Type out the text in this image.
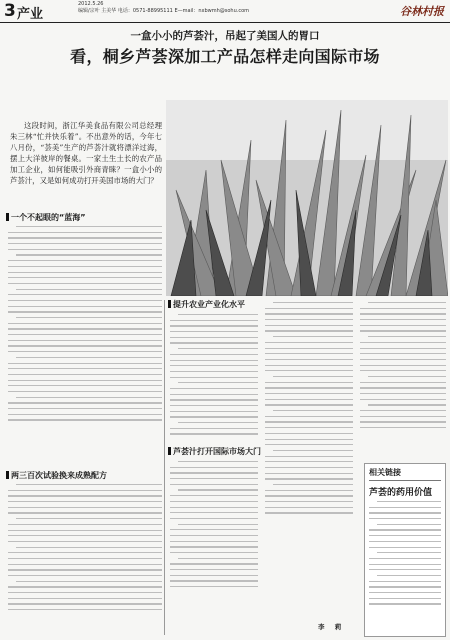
3 产业
2012.5.26
编辑/宗叶 主美华 电话：0571-88995111 E—mail：nxbwmh@sohu.com	谷林村报
一盒小小的芦荟汁，吊起了美国人的胃口
看，桐乡芦荟深加工产品怎样走向国际市场
这段时间，浙江华美食品有限公司总经理朱三林“忙并快乐着”。不出意外的话，今年七八月份，“荟美”生产的芦荟汁就将漂洋过海，摆上大洋彼岸的餐桌。一家土生土长的农产品加工企业，如何能吸引外商青睐？一盒小小的芦荟汁，又是如何成功打开美国市场的大门？
一个不起眼的“蓝海”
两三百次试验换来成熟配方
提升农业产业化水平
芦荟汁打开国际市场大门
相关链接
芦荟的药用价值
李 莉
